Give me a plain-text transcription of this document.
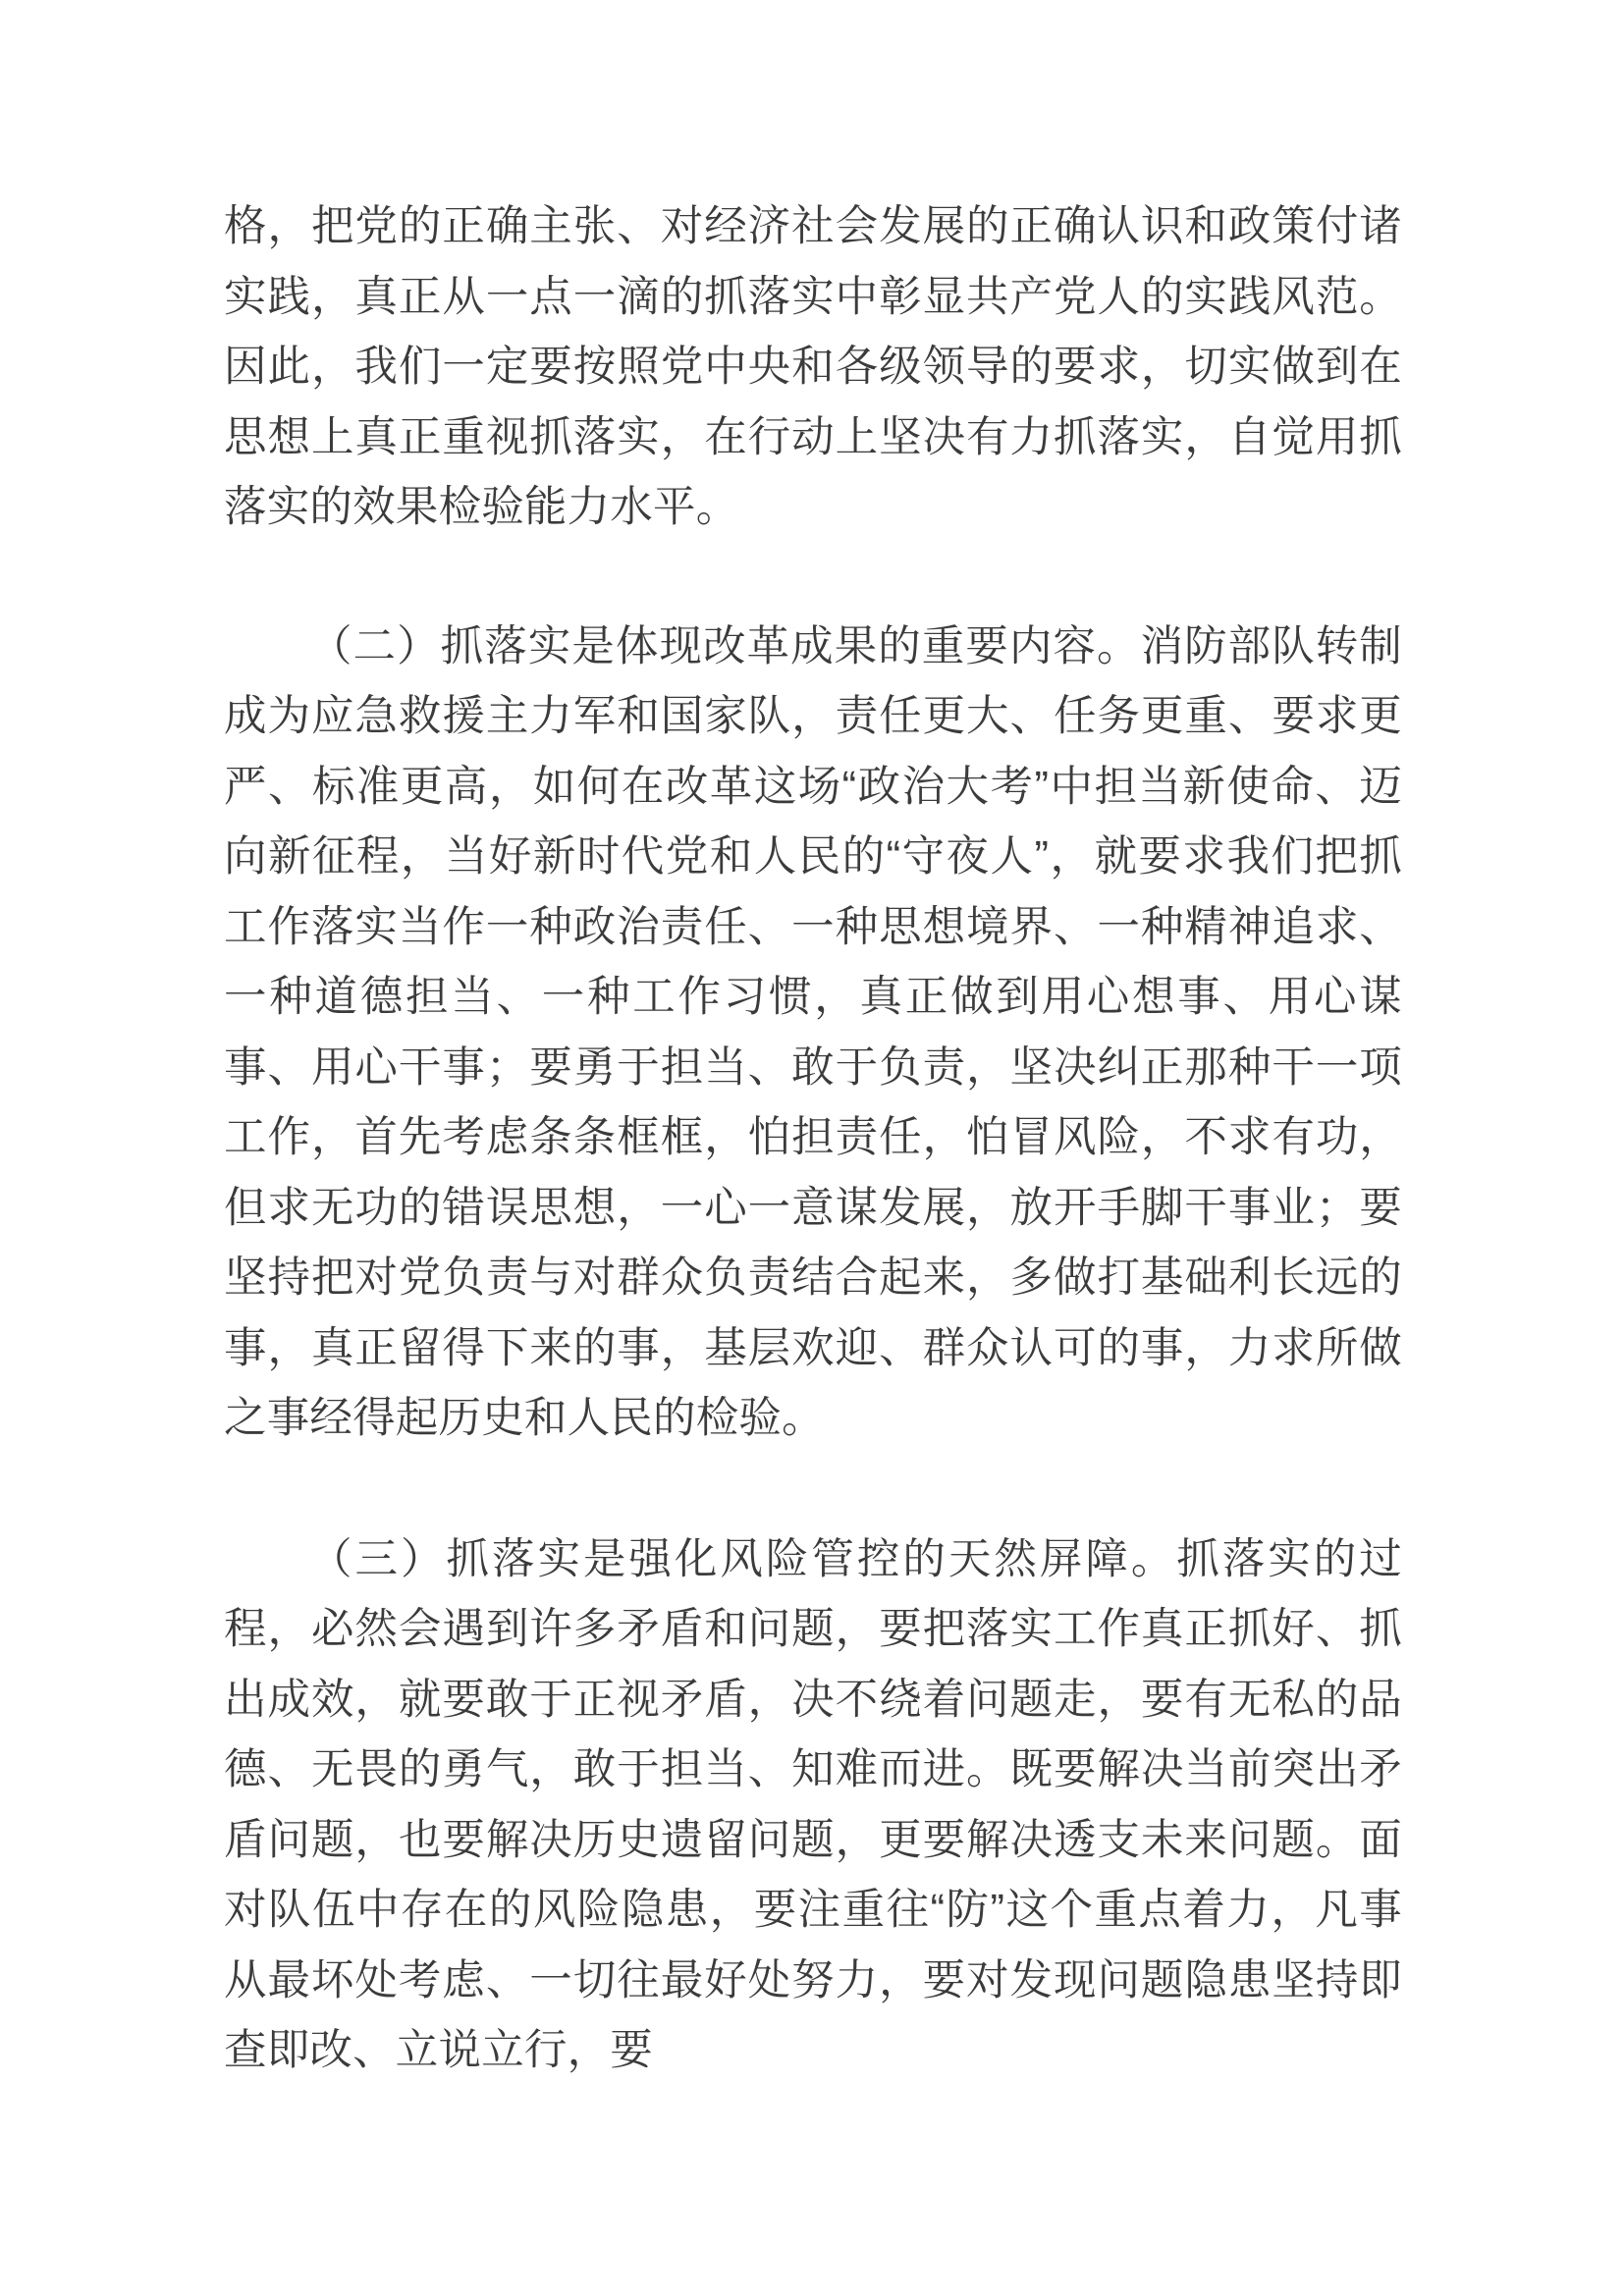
格，把党的正确主张、对经济社会发展的正确认识和政策付诸实践，真正从一点一滴的抓落实中彰显共产党人的实践风范。因此，我们一定要按照党中央和各级领导的要求，切实做到在思想上真正重视抓落实，在行动上坚决有力抓落实，自觉用抓落实的效果检验能力水平。

（二）抓落实是体现改革成果的重要内容。消防部队转制成为应急救援主力军和国家队，责任更大、任务更重、要求更严、标准更高，如何在改革这场“政治大考”中担当新使命、迈向新征程，当好新时代党和人民的“守夜人”，就要求我们把抓工作落实当作一种政治责任、一种思想境界、一种精神追求、一种道德担当、一种工作习惯，真正做到用心想事、用心谋事、用心干事；要勇于担当、敢于负责，坚决纠正那种干一项工作，首先考虑条条框框，怕担责任，怕冒风险，不求有功，但求无功的错误思想，一心一意谋发展，放开手脚干事业；要坚持把对党负责与对群众负责结合起来，多做打基础利长远的事，真正留得下来的事，基层欢迎、群众认可的事，力求所做之事经得起历史和人民的检验。

（三）抓落实是强化风险管控的天然屏障。抓落实的过程，必然会遇到许多矛盾和问题，要把落实工作真正抓好、抓出成效，就要敢于正视矛盾，决不绕着问题走，要有无私的品德、无畏的勇气，敢于担当、知难而进。既要解决当前突出矛盾问题，也要解决历史遗留问题，更要解决透支未来问题。面对队伍中存在的风险隐患，要注重往“防”这个重点着力，凡事从最坏处考虑、一切往最好处努力，要对发现问题隐患坚持即查即改、立说立行，要
